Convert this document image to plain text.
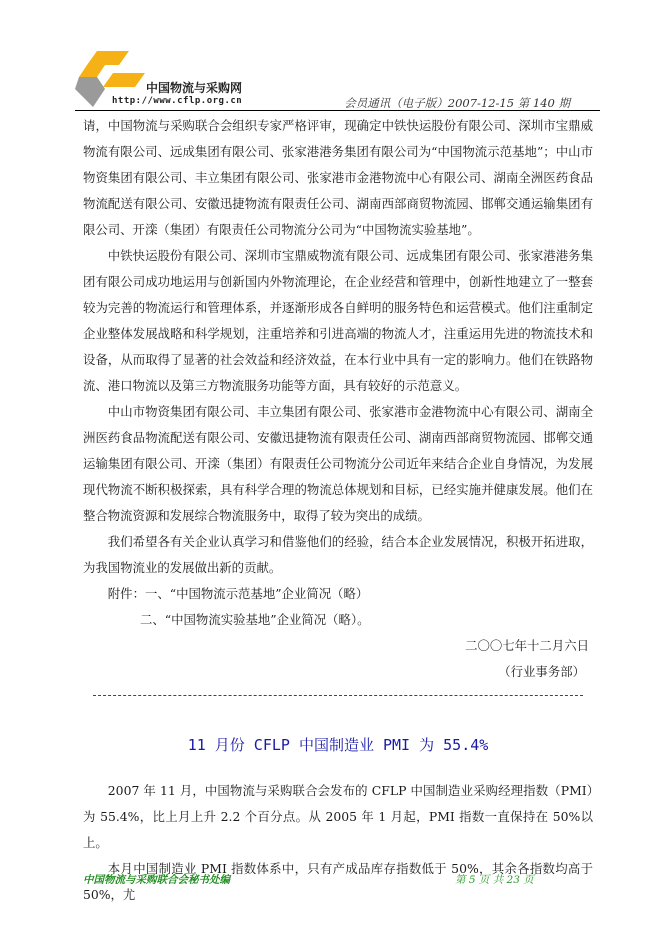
中国物流与采购网
http://www.cflp.org.cn	会员通讯（电子版）2007-12-15 第 140 期

请，中国物流与采购联合会组织专家严格评审，现确定中铁快运股份有限公司、深圳市宝鼎威物流有限公司、远成集团有限公司、张家港港务集团有限公司为“中国物流示范基地”；中山市物资集团有限公司、丰立集团有限公司、张家港市金港物流中心有限公司、湖南全洲医药食品物流配送有限公司、安徽迅捷物流有限责任公司、湖南西部商贸物流园、邯郸交通运输集团有限公司、开滦（集团）有限责任公司物流分公司为“中国物流实验基地”。

中铁快运股份有限公司、深圳市宝鼎威物流有限公司、远成集团有限公司、张家港港务集团有限公司成功地运用与创新国内外物流理论，在企业经营和管理中，创新性地建立了一整套较为完善的物流运行和管理体系，并逐渐形成各自鲜明的服务特色和运营模式。他们注重制定企业整体发展战略和科学规划，注重培养和引进高端的物流人才，注重运用先进的物流技术和设备，从而取得了显著的社会效益和经济效益，在本行业中具有一定的影响力。他们在铁路物流、港口物流以及第三方物流服务功能等方面，具有较好的示范意义。

中山市物资集团有限公司、丰立集团有限公司、张家港市金港物流中心有限公司、湖南全洲医药食品物流配送有限公司、安徽迅捷物流有限责任公司、湖南西部商贸物流园、邯郸交通运输集团有限公司、开滦（集团）有限责任公司物流分公司近年来结合企业自身情况，为发展现代物流不断积极探索，具有科学合理的物流总体规划和目标，已经实施并健康发展。他们在整合物流资源和发展综合物流服务中，取得了较为突出的成绩。

我们希望各有关企业认真学习和借鉴他们的经验，结合本企业发展情况，积极开拓进取，为我国物流业的发展做出新的贡献。

附件：一、“中国物流示范基地”企业简况（略）

二、“中国物流实验基地”企业简况（略）。

二〇〇七年十二月六日

（行业事务部）

11 月份 CFLP 中国制造业 PMI 为 55.4%

2007 年 11 月，中国物流与采购联合会发布的 CFLP 中国制造业采购经理指数（PMI）为 55.4%，比上月上升 2.2 个百分点。从 2005 年 1 月起，PMI 指数一直保持在 50%以上。

本月中国制造业 PMI 指数体系中，只有产成品库存指数低于 50%，其余各指数均高于 50%，尤

中国物流与采购联合会秘书处编	第 5 页 共 23 页
